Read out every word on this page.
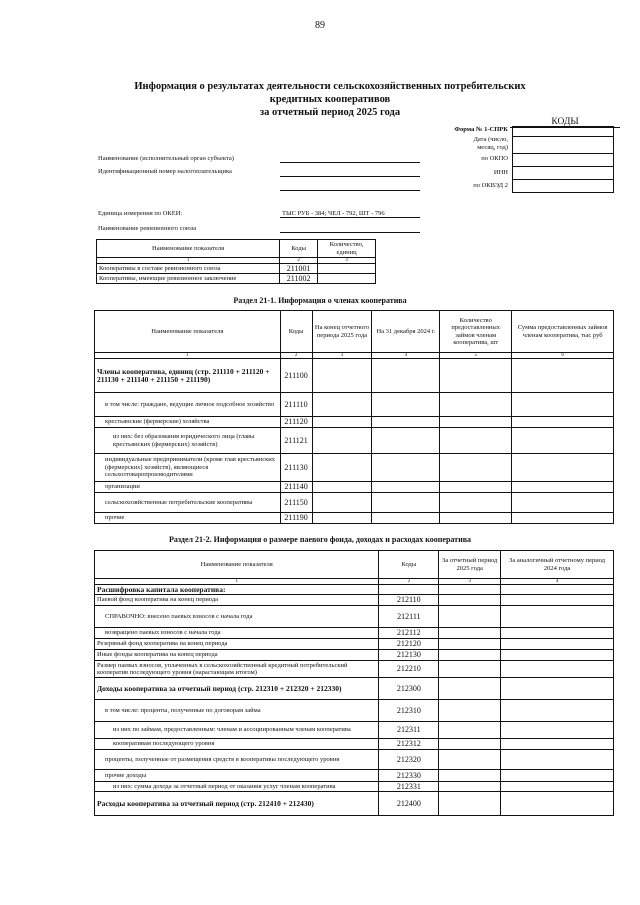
89
Информация о результатах деятельности сельскохозяйственных потребительских
кредитных кооперативов
за отчетный период 2025 года
КОДЫ
Форма № 1-СПРК
Дата (число,
месяц, год)
по ОКПО
ИНН
по ОКВЭД 2
Наименование (исполнительный орган субъекта)
Идентификационный номер налогоплательщика
Единица измерения по ОКЕИ:	ТЫС РУБ - 384; ЧЕЛ - 792, ШТ - 796
Наименование ревизионного союза
Наименование показателя	Коды	Количество, единиц
1	2	3
Кооперативы в составе ревизионного союза	211001	
Кооперативы, имеющие ревизионное заключение	211002	
Раздел 21-1. Информация о членах кооператива
Наименование показателя	Коды	На конец отчетного периода 2025 года	На 31 декабря 2024 г.	Количество предоставленных займов членам кооператива, шт	Сумма предоставленных займов членам кооператива, тыс руб
1	2	3	4	5	6
Члены кооператива, единиц (стр. 211110 + 211120 + 211130 + 211140 + 211150 + 211190)	211100				
в том числе: граждане, ведущие личное подсобное хозяйство	211110				
крестьянские (фермерские) хозяйства	211120				
из них: без образования юридического лица (главы крестьянских (фермерских) хозяйств)	211121				
индивидуальные предприниматели (кроме глав крестьянских (фермерских) хозяйств), являющиеся сельхозтоваропроизводителями	211130				
организации	211140				
сельскохозяйственные потребительские кооперативы	211150				
прочие	211190				
Раздел 21-2. Информация о размере паевого фонда, доходах и расходах кооператива
Наименование показателя	Коды	За отчетный период 2025 года	За аналогичный отчетному период 2024 года
1	2	3	4
Расшифровка капитала кооператива:			
Паевой фонд кооператива на конец периода	212110		
СПРАВОЧНО: внесено паевых взносов с начала года	212111		
возвращено паевых взносов с начала года	212112		
Резервный фонд кооператива на конец периода	212120		
Иные фонды кооператива на конец периода	212130		
Размер паевых взносов, уплаченных в сельскохозяйственный кредитный потребительский кооператив последующего уровня (нарастающим итогом)	212210		
Доходы кооператива за отчетный период (стр. 212310 + 212320 + 212330)	212300		
в том числе: проценты, полученные по договорам займа	212310		
из них по займам, предоставленным: членам и ассоциированным членам кооператива	212311		
кооперативам последующего уровня	212312		
проценты, полученные от размещения средств в кооперативы последующего уровня	212320		
прочие доходы	212330		
из них: сумма дохода за отчетный период от оказания услуг членам кооператива	212331		
Расходы кооператива за отчетный период (стр. 212410 + 212430)	212400		
